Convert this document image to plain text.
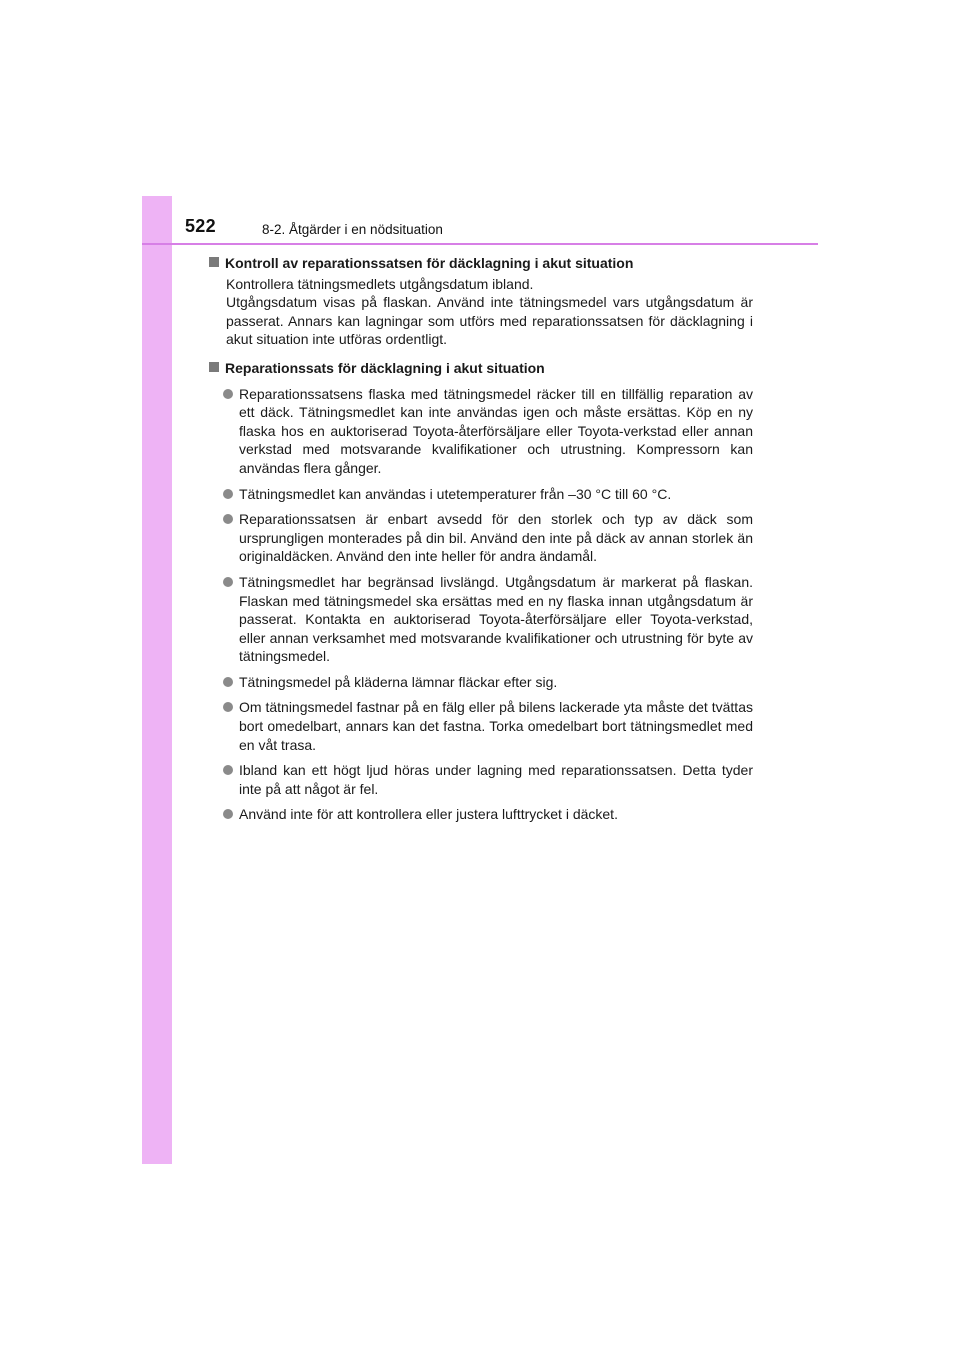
522	8-2. Åtgärder i en nödsituation
Kontroll av reparationssatsen för däcklagning i akut situation
Kontrollera tätningsmedlets utgångsdatum ibland.
Utgångsdatum visas på flaskan. Använd inte tätningsmedel vars utgångsdatum är passerat. Annars kan lagningar som utförs med reparationssatsen för däcklagning i akut situation inte utföras ordentligt.
Reparationssats för däcklagning i akut situation
Reparationssatsens flaska med tätningsmedel räcker till en tillfällig reparation av ett däck. Tätningsmedlet kan inte användas igen och måste ersättas. Köp en ny flaska hos en auktoriserad Toyota-återförsäljare eller Toyota-verkstad eller annan verkstad med motsvarande kvalifikationer och utrustning. Kompressorn kan användas flera gånger.
Tätningsmedlet kan användas i utetemperaturer från –30 °C till 60 °C.
Reparationssatsen är enbart avsedd för den storlek och typ av däck som ursprungligen monterades på din bil. Använd den inte på däck av annan storlek än originaldäcken. Använd den inte heller för andra ändamål.
Tätningsmedlet har begränsad livslängd. Utgångsdatum är markerat på flaskan. Flaskan med tätningsmedel ska ersättas med en ny flaska innan utgångsdatum är passerat. Kontakta en auktoriserad Toyota-återförsäljare eller Toyota-verkstad, eller annan verksamhet med motsvarande kvalifikationer och utrustning för byte av tätningsmedel.
Tätningsmedel på kläderna lämnar fläckar efter sig.
Om tätningsmedel fastnar på en fälg eller på bilens lackerade yta måste det tvättas bort omedelbart, annars kan det fastna. Torka omedelbart bort tätningsmedlet med en våt trasa.
Ibland kan ett högt ljud höras under lagning med reparationssatsen. Detta tyder inte på att något är fel.
Använd inte för att kontrollera eller justera lufttrycket i däcket.
